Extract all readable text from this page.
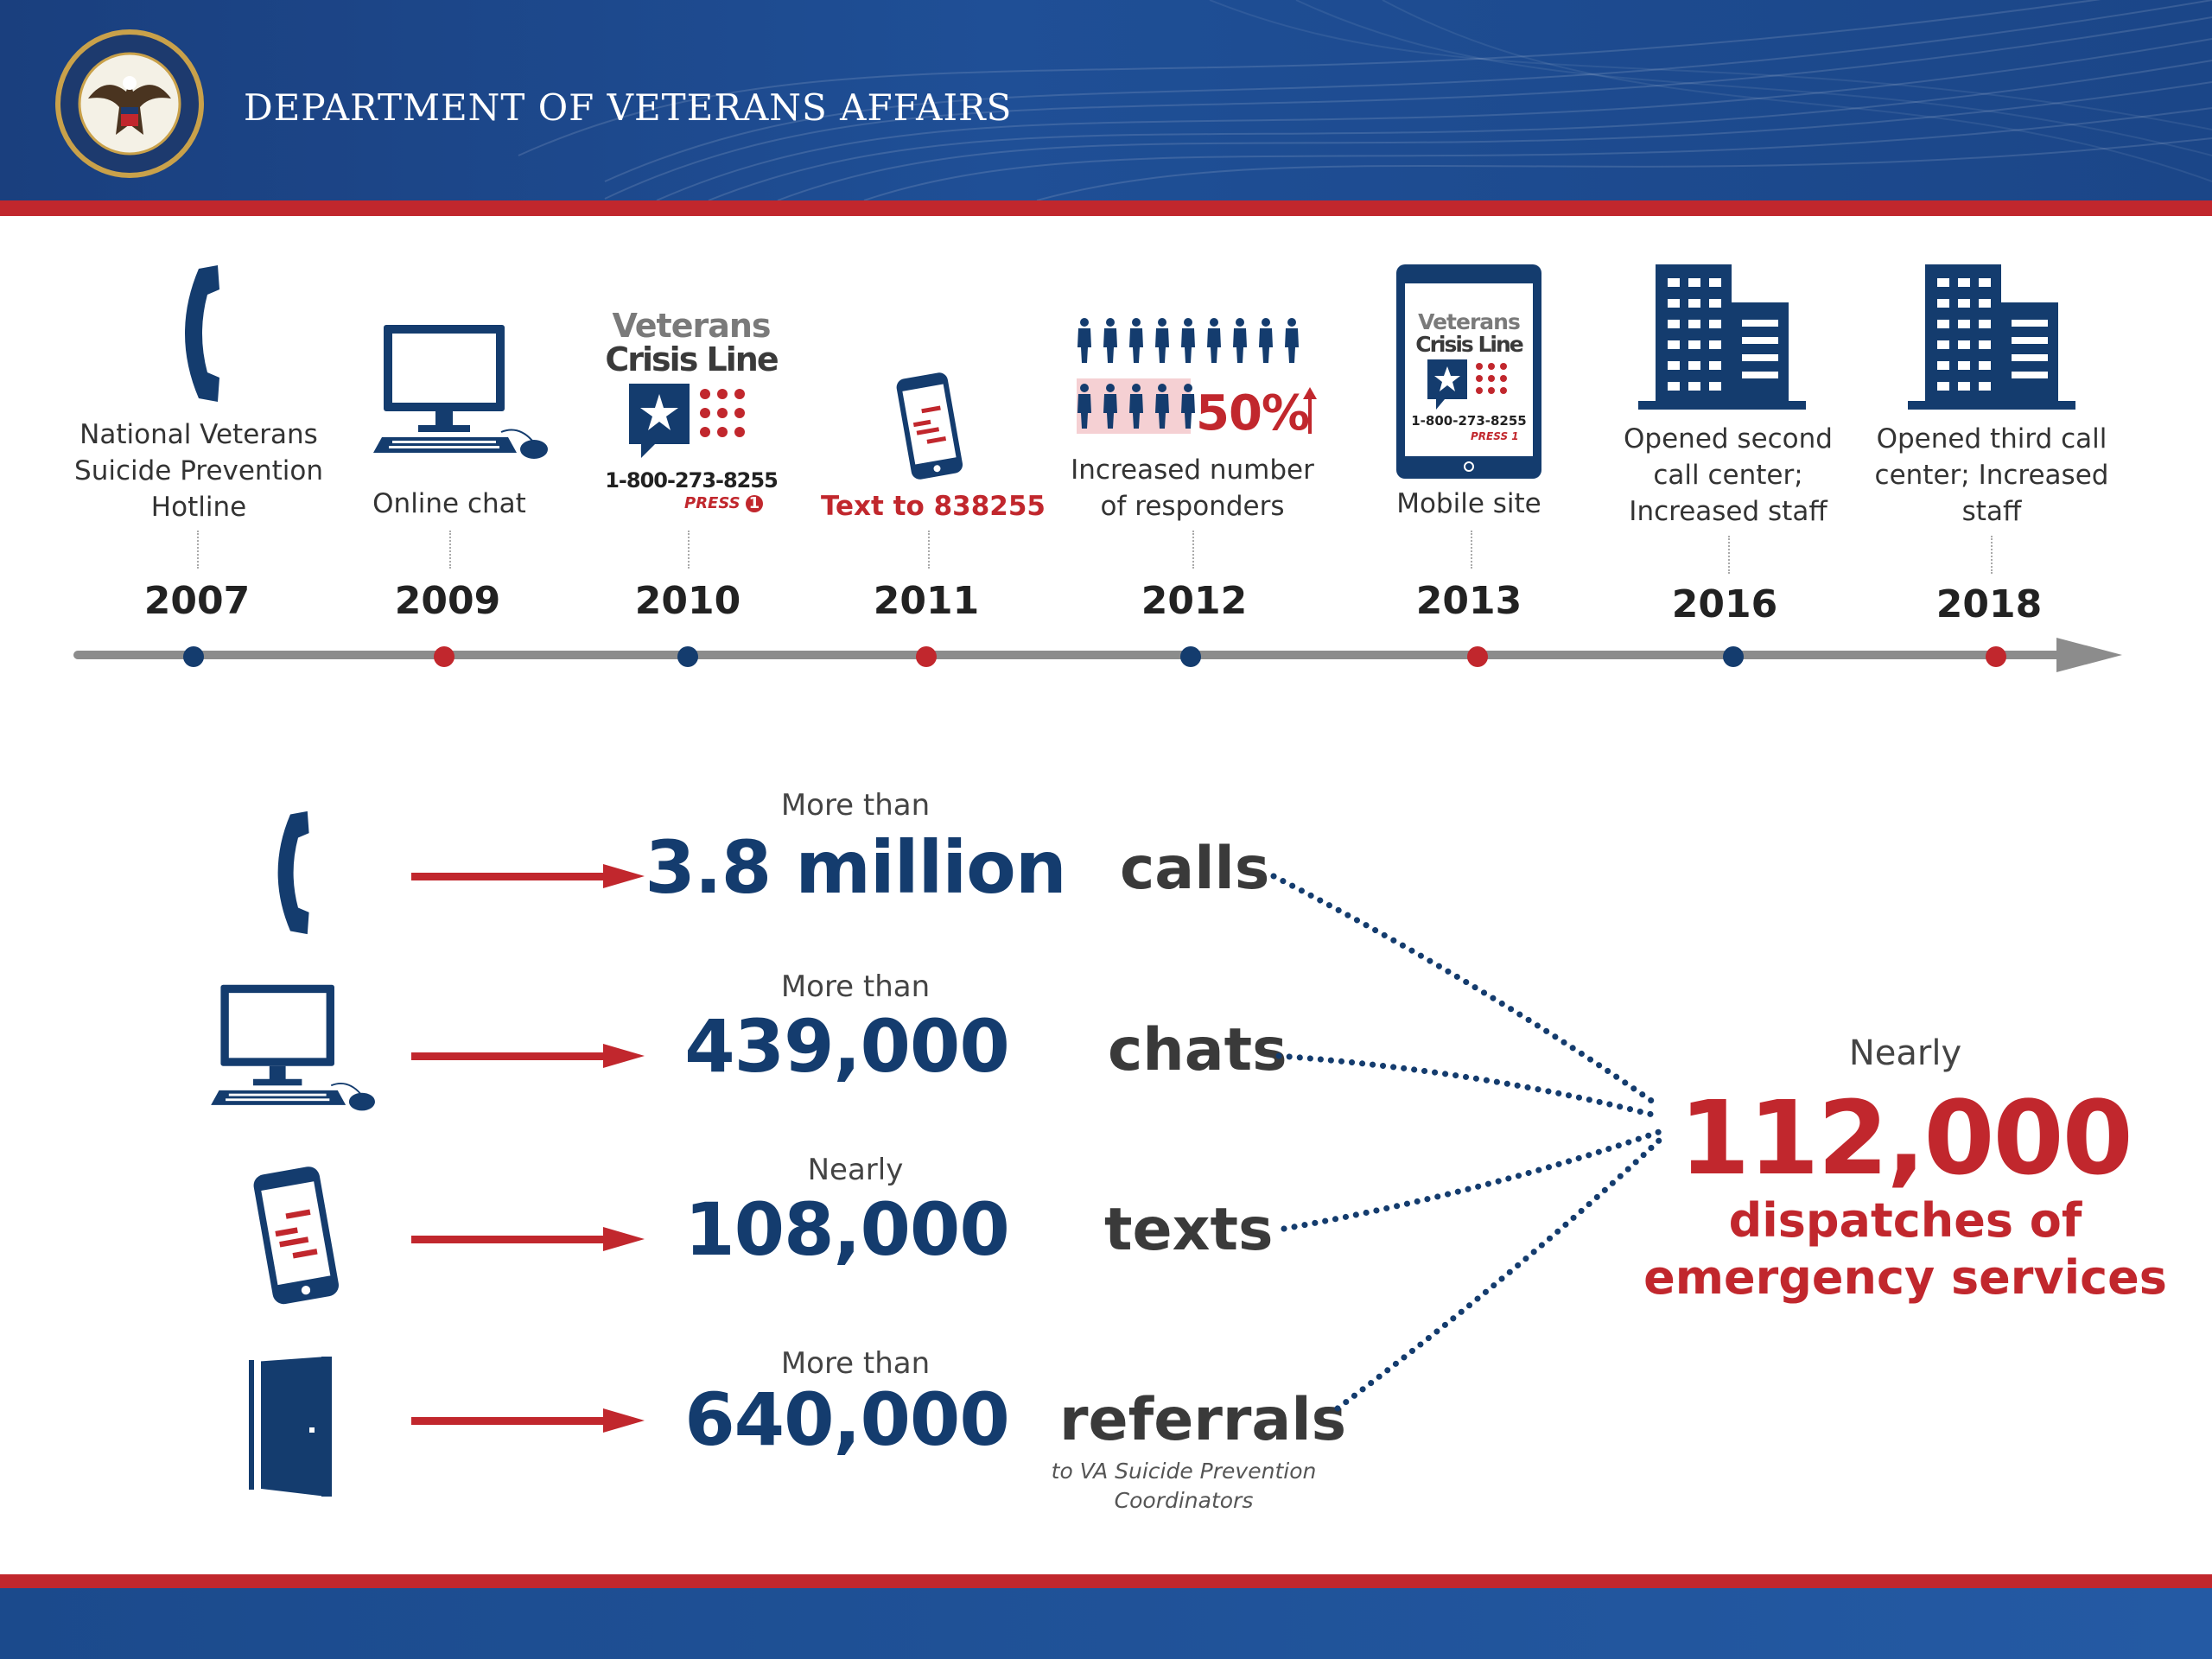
DEPARTMENT OF VETERANS AFFAIRS
National Veterans Suicide Prevention Hotline	Online chat
Veterans
Crisis Line
1-800-273-8255
PRESS 1 Text to 838255
50%
Increased number of responders
Veterans
Crisis Line
1-800-273-8255
PRESS 1
Mobile site
Opened second call center; Increased staff
Opened third call center; Increased staff
2007	2009	2010	2011	2012	2013	2016	2018
More than
3.8 million calls
More than
439,000	chats
Nearly
108,000	texts
More than
640,000 referrals
to VA Suicide Prevention Coordinators
Nearly
112,000
dispatches of
emergency services
